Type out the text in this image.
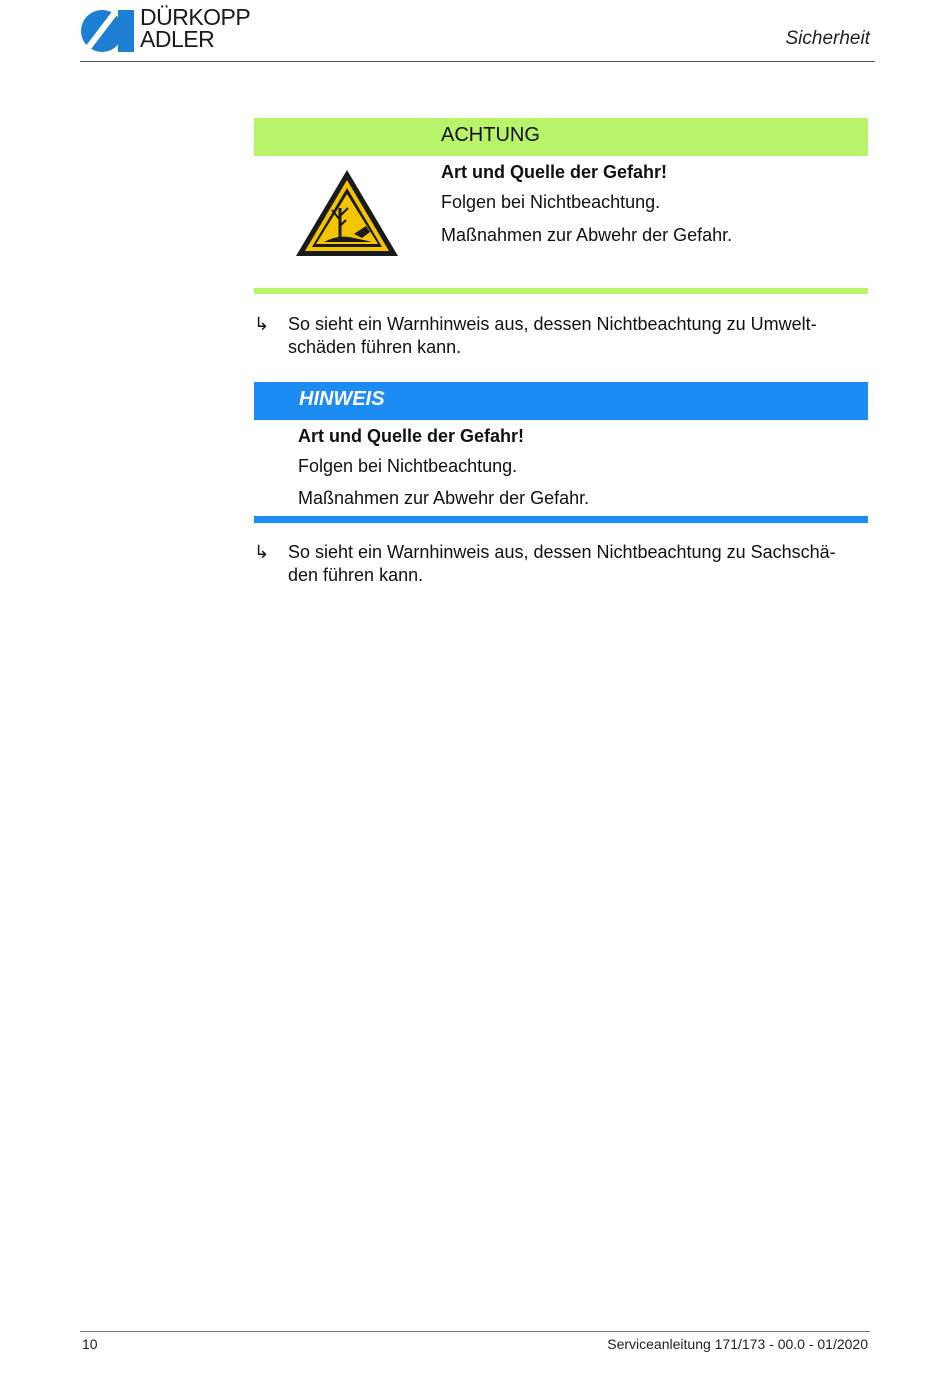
DÜRKOPP
ADLER	Sicherheit
ACHTUNG
Art und Quelle der Gefahr!
Folgen bei Nichtbeachtung.
Maßnahmen zur Abwehr der Gefahr.
↳ So sieht ein Warnhinweis aus, dessen Nichtbeachtung zu Umwelt-
schäden führen kann.
HINWEIS
Art und Quelle der Gefahr!
Folgen bei Nichtbeachtung.
Maßnahmen zur Abwehr der Gefahr.
↳ So sieht ein Warnhinweis aus, dessen Nichtbeachtung zu Sachschä-
den führen kann.
10	Serviceanleitung 171/173 - 00.0 - 01/2020
